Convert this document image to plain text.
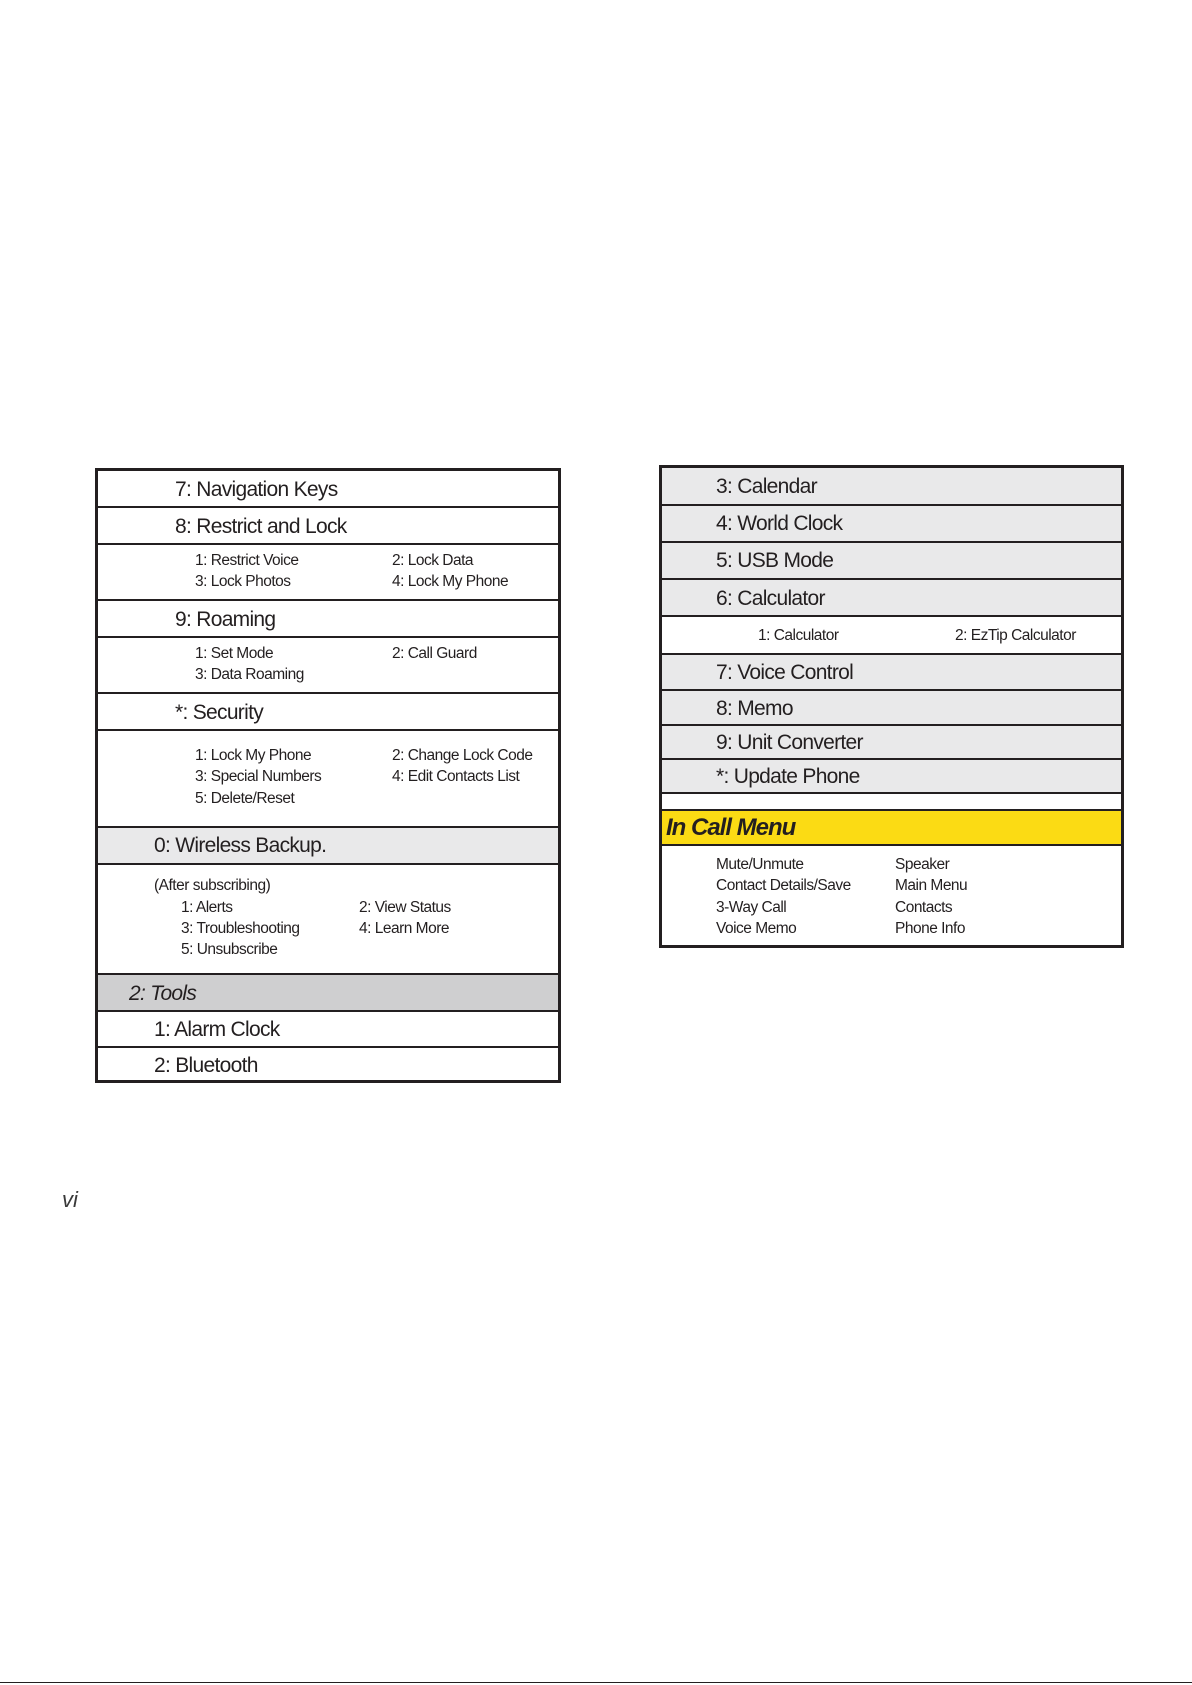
7: Navigation Keys
8: Restrict and Lock
1: Restrict Voice	2: Lock Data
3: Lock Photos	4: Lock My Phone
9: Roaming
1: Set Mode	2: Call Guard
3: Data Roaming
*: Security
1: Lock My Phone	2: Change Lock Code
3: Special Numbers	4: Edit Contacts List
5: Delete/Reset
0: Wireless Backup.
(After subscribing)
1: Alerts	2: View Status
3: Troubleshooting	4: Learn More
5: Unsubscribe
2: Tools
1: Alarm Clock
2: Bluetooth
3: Calendar
4: World Clock
5: USB Mode
6: Calculator
1: Calculator	2: EzTip Calculator
7: Voice Control
8: Memo
9: Unit Converter
*: Update Phone
In Call Menu
Mute/Unmute	Speaker
Contact Details/Save	Main Menu
3-Way Call	Contacts
Voice Memo	Phone Info
vi
